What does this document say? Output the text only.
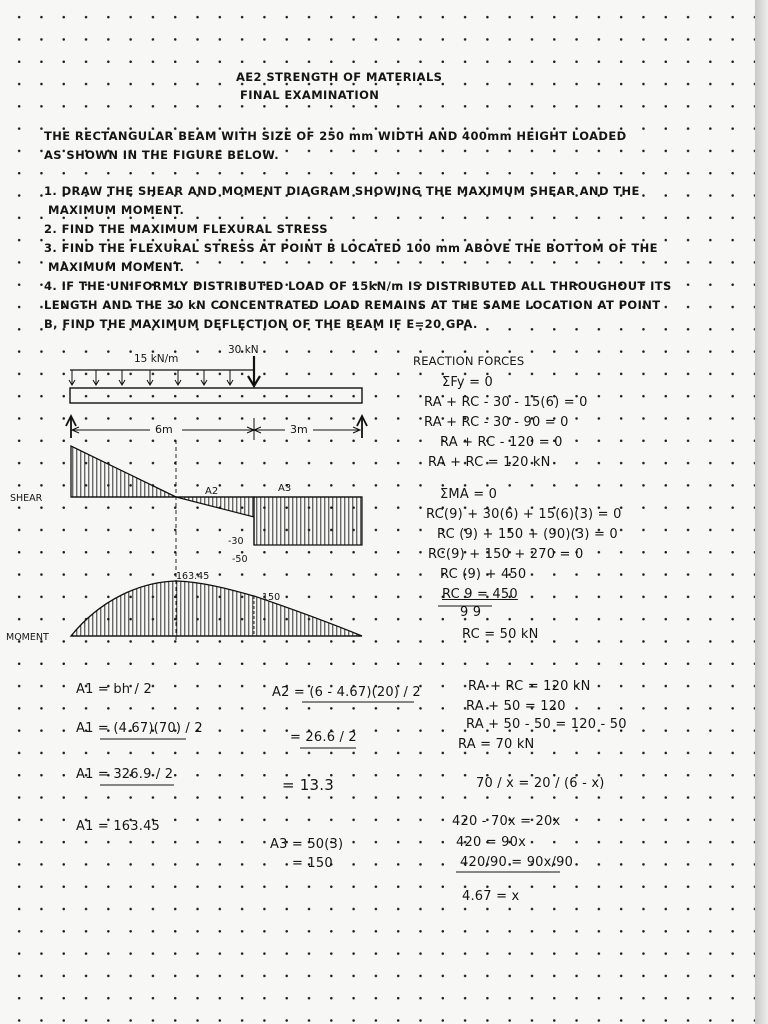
AE2 STRENGTH OF MATERIALS
FINAL EXAMINATION
THE RECTANGULAR BEAM WITH SIZE OF 250 mm WIDTH AND 400mm HEIGHT LOADED
AS SHOWN IN THE FIGURE BELOW.
1. DRAW THE SHEAR AND MOMENT DIAGRAM SHOWING THE MAXIMUM SHEAR AND THE
MAXIMUM MOMENT.
2. FIND THE MAXIMUM FLEXURAL STRESS
3. FIND THE FLEXURAL STRESS AT POINT B LOCATED 100 mm ABOVE THE BOTTOM OF THE
MAXIMUM MOMENT.
4. IF THE UNIFORMLY DISTRIBUTED LOAD OF 15kN/m IS DISTRIBUTED ALL THROUGHOUT ITS
LENGTH AND THE 30 kN CONCENTRATED LOAD REMAINS AT THE SAME LOCATION AT POINT
B, FIND THE MAXIMUM DEFLECTION OF THE BEAM IF E=20 GPA.
15 kN/m
30 kN
6m	3m
SHEAR
A2	A3
-30
-50
163.45
150
MOMENT
REACTION FORCES
ΣFy = 0
RA + RC - 30 - 15(6) = 0
RA + RC - 30 - 90 = 0
RA + RC - 120 = 0
RA + RC = 120 kN
ΣMA = 0
RC(9) + 30(6) + 15(6)(3) = 0
RC (9) + 150 + (90)(3) = 0
RC(9) + 150 + 270 = 0
RC (9) + 450
RC 9 = 450
9 9
RC = 50 kN
A1 = bh / 2
A1 = (4.67)(70) / 2
A1 = 326.9 / 2
A1 = 163.45
A2 = (6 - 4.67)(20) / 2
= 26.6 / 2
= 13.3
A3 = 50(3)
= 150
RA + RC = 120 kN
RA + 50 = 120
RA + 50 - 50 = 120 - 50
RA = 70 kN
70 / x = 20 / (6 - x)
420 - 70x = 20x
420 = 90x
420/90 = 90x/90
4.67 = x
